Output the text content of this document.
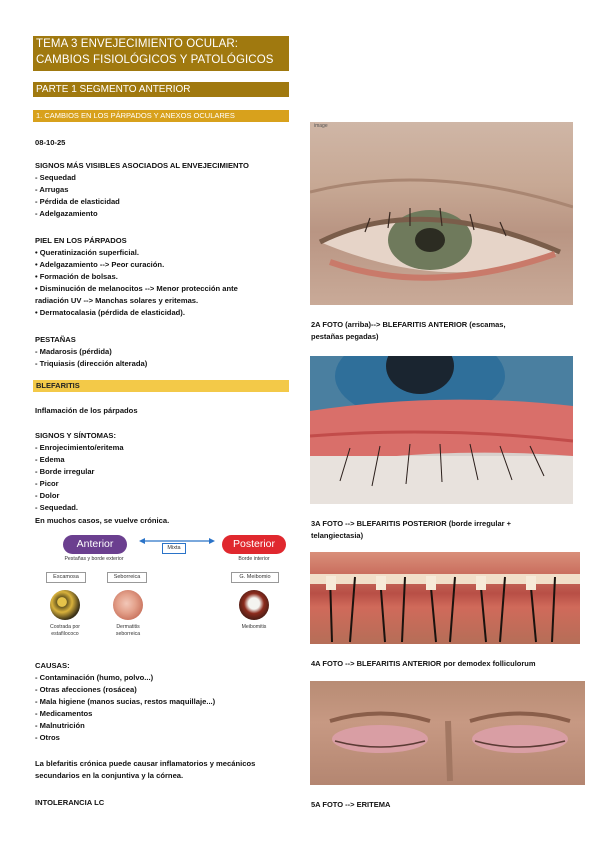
TEMA 3 ENVEJECIMIENTO OCULAR:
CAMBIOS FISIOLÓGICOS Y PATOLÓGICOS
PARTE 1 SEGMENTO ANTERIOR
1. CAMBIOS EN LOS PÁRPADOS Y ANEXOS OCULARES
08-10-25
SIGNOS MÁS VISIBLES ASOCIADOS AL ENVEJECIMIENTO
- Sequedad
- Arrugas
- Pérdida de elasticidad
- Adelgazamiento
PIEL EN LOS PÁRPADOS
• Queratinización superficial.
• Adelgazamiento --> Peor curación.
• Formación de bolsas.
• Disminución de melanocitos --> Menor protección ante
radiación UV --> Manchas solares y eritemas.
• Dermatocalasia (pérdida de elasticidad).
PESTAÑAS
- Madarosis (pérdida)
- Triquiasis (dirección alterada)
BLEFARITIS
Inflamación de los párpados
SIGNOS Y SÍNTOMAS:
- Enrojecimiento/eritema
- Edema
- Borde irregular
- Picor
- Dolor
- Sequedad.
En muchos casos, se vuelve crónica.
Anterior	Posterior
Mixta
Pestañas y borde exterior	Borde interior
Escamosa	Seborreica	G. Meibomio
Costrada por
estafilococo
Dermatitis
seborreica
Meibomitis
CAUSAS:
- Contaminación (humo, polvo...)
- Otras afecciones (rosácea)
- Mala higiene (manos sucias, restos maquillaje...)
- Medicamentos
- Malnutrición
- Otros
La blefaritis crónica puede causar inflamatorios y mecánicos
secundarios en la conjuntiva y la córnea.
INTOLERANCIA LC
image
2A FOTO (arriba)--> BLEFARITIS ANTERIOR (escamas,
pestañas pegadas)
3A FOTO --> BLEFARITIS POSTERIOR (borde irregular +
telangiectasia)
4A FOTO --> BLEFARITIS ANTERIOR por demodex folliculorum
5A FOTO --> ERITEMA
